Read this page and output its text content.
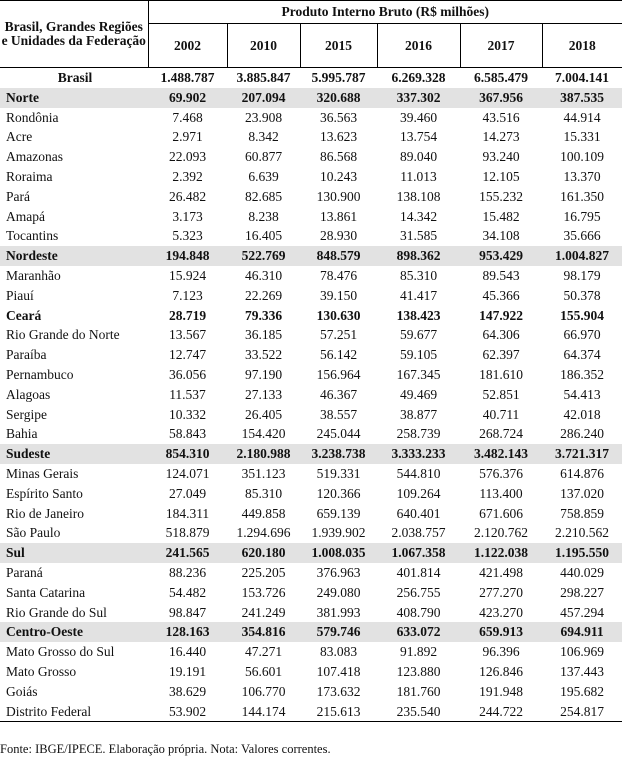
Brasil, Grandes Regiões e Unidades da Federação	Produto Interno Bruto (R$ milhões)					
	2002	2010	2015	2016	2017	2018
Brasil	1.488.787	3.885.847	5.995.787	6.269.328	6.585.479	7.004.141
Norte	69.902	207.094	320.688	337.302	367.956	387.535
Rondônia	7.468	23.908	36.563	39.460	43.516	44.914
Acre	2.971	8.342	13.623	13.754	14.273	15.331
Amazonas	22.093	60.877	86.568	89.040	93.240	100.109
Roraima	2.392	6.639	10.243	11.013	12.105	13.370
Pará	26.482	82.685	130.900	138.108	155.232	161.350
Amapá	3.173	8.238	13.861	14.342	15.482	16.795
Tocantins	5.323	16.405	28.930	31.585	34.108	35.666
Nordeste	194.848	522.769	848.579	898.362	953.429	1.004.827
Maranhão	15.924	46.310	78.476	85.310	89.543	98.179
Piauí	7.123	22.269	39.150	41.417	45.366	50.378
Ceará	28.719	79.336	130.630	138.423	147.922	155.904
Rio Grande do Norte	13.567	36.185	57.251	59.677	64.306	66.970
Paraíba	12.747	33.522	56.142	59.105	62.397	64.374
Pernambuco	36.056	97.190	156.964	167.345	181.610	186.352
Alagoas	11.537	27.133	46.367	49.469	52.851	54.413
Sergipe	10.332	26.405	38.557	38.877	40.711	42.018
Bahia	58.843	154.420	245.044	258.739	268.724	286.240
Sudeste	854.310	2.180.988	3.238.738	3.333.233	3.482.143	3.721.317
Minas Gerais	124.071	351.123	519.331	544.810	576.376	614.876
Espírito Santo	27.049	85.310	120.366	109.264	113.400	137.020
Rio de Janeiro	184.311	449.858	659.139	640.401	671.606	758.859
São Paulo	518.879	1.294.696	1.939.902	2.038.757	2.120.762	2.210.562
Sul	241.565	620.180	1.008.035	1.067.358	1.122.038	1.195.550
Paraná	88.236	225.205	376.963	401.814	421.498	440.029
Santa Catarina	54.482	153.726	249.080	256.755	277.270	298.227
Rio Grande do Sul	98.847	241.249	381.993	408.790	423.270	457.294
Centro-Oeste	128.163	354.816	579.746	633.072	659.913	694.911
Mato Grosso do Sul	16.440	47.271	83.083	91.892	96.396	106.969
Mato Grosso	19.191	56.601	107.418	123.880	126.846	137.443
Goiás	38.629	106.770	173.632	181.760	191.948	195.682
Distrito Federal	53.902	144.174	215.613	235.540	244.722	254.817
Fonte: IBGE/IPECE. Elaboração própria. Nota: Valores correntes.
